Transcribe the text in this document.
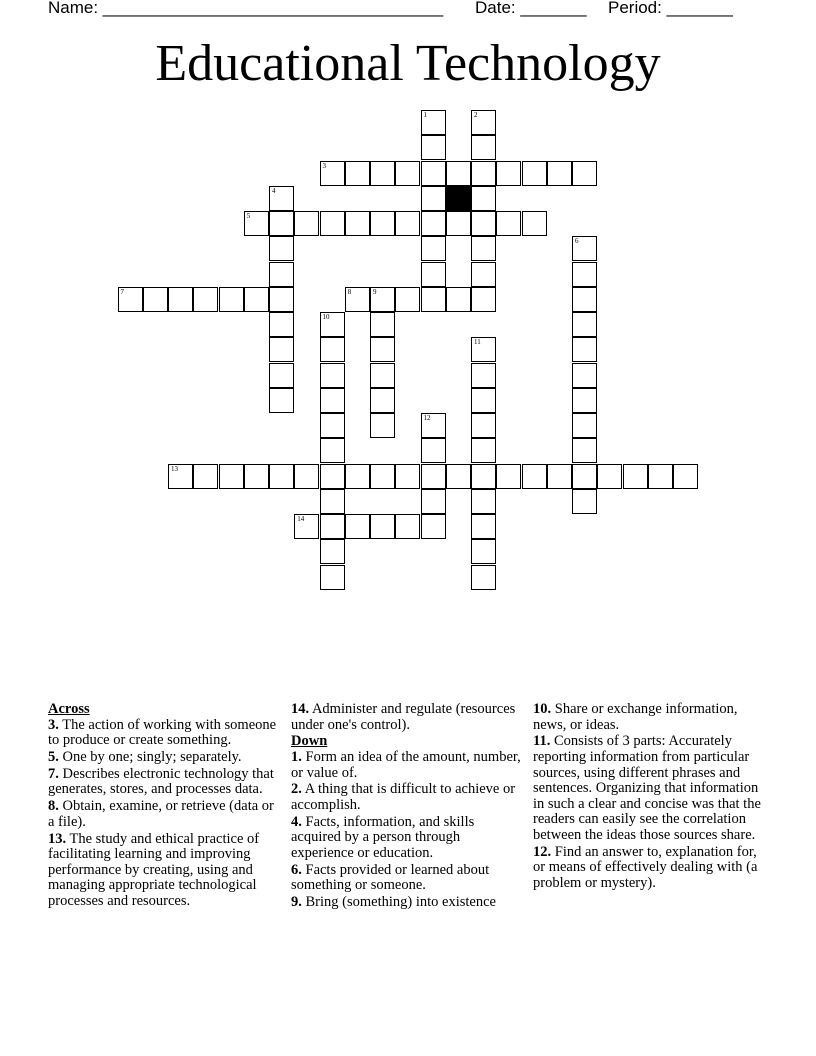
Name: ____________________________________

Date: _______

Period: _______

Educational Technology
1	2
3
4
5
6
7	8	9
10
11
12
13
14
Across
3. The action of working with someone to produce or create something.
5. One by one; singly; separately.
7. Describes electronic technology that generates, stores, and processes data.
8. Obtain, examine, or retrieve (data or a file).
13. The study and ethical practice of facilitating learning and improving performance by creating, using and managing appropriate technological processes and resources.
14. Administer and regulate (resources under one's control).
Down
1. Form an idea of the amount, number, or value of.
2. A thing that is difficult to achieve or accomplish.
4. Facts, information, and skills acquired by a person through experience or education.
6. Facts provided or learned about something or someone.
9. Bring (something) into existence
10. Share or exchange information, news, or ideas.
11. Consists of 3 parts: Accurately reporting information from particular sources, using different phrases and sentences. Organizing that information in such a clear and concise was that the readers can easily see the correlation between the ideas those sources share.
12. Find an answer to, explanation for, or means of effectively dealing with (a problem or mystery).
